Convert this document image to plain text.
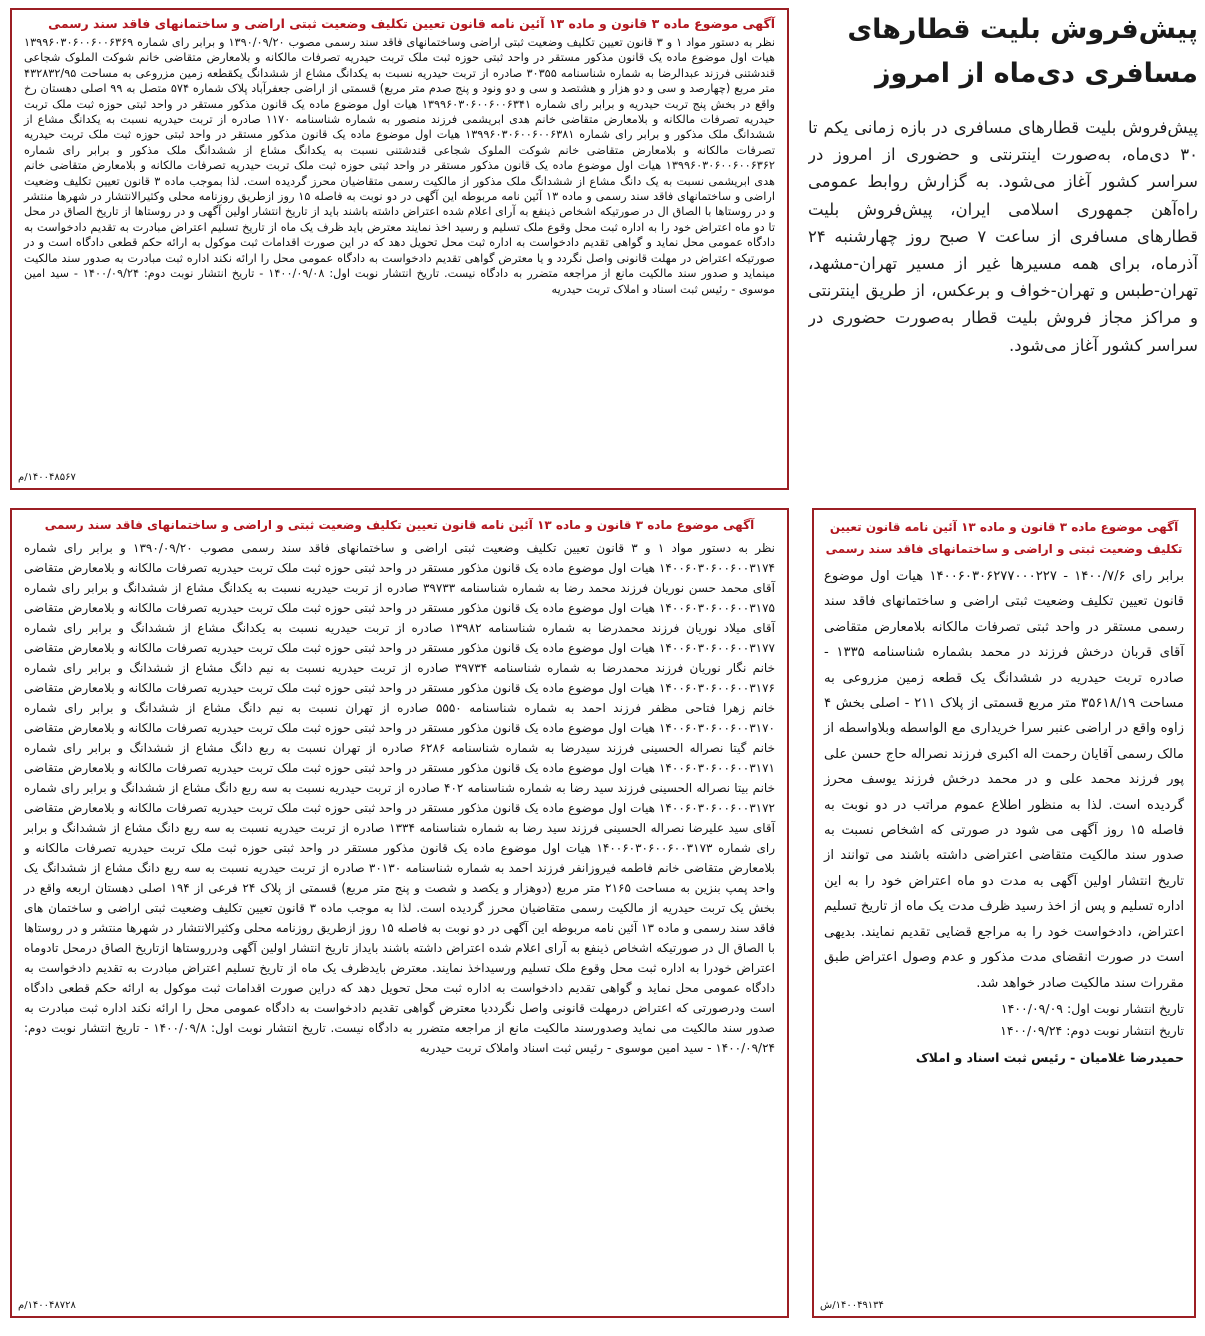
پیش‌فروش بلیت قطارهای
مسافری دی‌ماه از امروز

پیش‌فروش بلیت قطارهای مسافری در بازه زمانی یکم تا ۳۰ دی‌ماه، به‌صورت اینترنتی و حضوری از امروز در سراسر کشور آغاز می‌شود. به گزارش روابط عمومی راه‌آهن جمهوری اسلامی ایران، پیش‌فروش بلیت قطارهای مسافری از ساعت ۷ صبح روز چهارشنبه ۲۴ آذرماه، برای همه مسیرها غیر از مسیر تهران-مشهد، تهران-طبس و تهران-خواف و برعکس، از طریق اینترنتی و مراکز مجاز فروش بلیت قطار به‌صورت حضوری در سراسر کشور آغاز می‌شود.

آگهی موضوع ماده ۳ قانون و ماده ۱۳ آئین نامه قانون تعیین تکلیف وضعیت ثبتی اراضی و ساختمانهای فاقد سند رسمی

نظر به دستور مواد ۱ و ۳ قانون تعیین تکلیف وضعیت ثبتی اراضی وساختمانهای فاقد سند رسمی مصوب ۱۳۹۰/۰۹/۲۰ و برابر رای شماره ۱۳۹۹۶۰۳۰۶۰۰۶۰۰۶۳۶۹ هیات اول موضوع ماده یک قانون مذکور مستقر در واحد ثبتی حوزه ثبت ملک تربت حیدریه تصرفات مالکانه و بلامعارض متقاضی خانم شوکت الملوک شجاعی قندشتنی فرزند عبدالرضا به شماره شناسنامه ۳۰۳۵۵ صادره از تربت حیدریه نسبت به یکدانگ مشاع از ششدانگ یکقطعه زمین مزروعی به مساحت ۴۳۲۸۳۲/۹۵ متر مربع (چهارصد و سی و دو هزار و هشتصد و سی و دو ونود و پنج صدم متر مربع) قسمتی از اراضی جعفرآباد پلاک شماره ۵۷۴ متصل به ۹۹ اصلی دهستان رخ واقع در بخش پنج تربت حیدریه و برابر رای شماره ۱۳۹۹۶۰۳۰۶۰۰۶۰۰۶۳۴۱ هیات اول موضوع ماده یک قانون مذکور مستقر در واحد ثبتی حوزه ثبت ملک تربت حیدریه تصرفات مالکانه و بلامعارض متقاضی خانم هدی ابریشمی فرزند منصور به شماره شناسنامه ۱۱۷۰ صادره از تربت حیدریه نسبت به یکدانگ مشاع از ششدانگ ملک مذکور و برابر رای شماره ۱۳۹۹۶۰۳۰۶۰۰۶۰۰۶۳۸۱ هیات اول موضوع ماده یک قانون مذکور مستقر در واحد ثبتی حوزه ثبت ملک تربت حیدریه تصرفات مالکانه و بلامعارض متقاضی خانم شوکت الملوک شجاعی قندشتنی نسبت به یکدانگ مشاع از ششدانگ ملک مذکور و برابر رای شماره ۱۳۹۹۶۰۳۰۶۰۰۶۰۰۶۳۶۲ هیات اول موضوع ماده یک قانون مذکور مستقر در واحد ثبتی حوزه ثبت ملک تربت حیدریه تصرفات مالکانه و بلامعارض متقاضی خانم هدی ابریشمی نسبت به یک دانگ مشاع از ششدانگ ملک مذکور از مالکیت رسمی متقاضیان محرز گردیده است. لذا بموجب ماده ۳ قانون تعیین تکلیف وضعیت اراضی و ساختمانهای فاقد سند رسمی و ماده ۱۳ آئین نامه مربوطه این آگهی در دو نوبت به فاصله ۱۵ روز ازطریق روزنامه محلی وکثیرالانتشار در شهرها منتشر و در روستاها با الصاق ال در صورتیکه اشخاص ذینفع به آرای اعلام شده اعتراض داشته باشند باید از تاریخ انتشار اولین آگهی و در روستاها از تاریخ الصاق در محل تا دو ماه اعتراض خود را به اداره ثبت محل وقوع ملک تسلیم و رسید اخذ نمایند معترض باید ظرف یک ماه از تاریخ تسلیم اعتراض مبادرت به تقدیم دادخواست به دادگاه عمومی محل نماید و گواهی تقدیم دادخواست به اداره ثبت محل تحویل دهد که در این صورت اقدامات ثبت موکول به ارائه حکم قطعی دادگاه است و در صورتیکه اعتراض در مهلت قانونی واصل نگردد و یا معترض گواهی تقدیم دادخواست به دادگاه عمومی محل را ارائه نکند اداره ثبت مبادرت به صدور سند مالکیت مینماید و صدور سند مالکیت مانع از مراجعه متضرر به دادگاه نیست. تاریخ انتشار نوبت اول: ۱۴۰۰/۰۹/۰۸ - تاریخ انتشار نوبت دوم: ۱۴۰۰/۰۹/۲۴ - سید امین موسوی - رئیس ثبت اسناد و املاک تربت حیدریه

۱۴۰۰۴۸۵۶۷/م
آگهی موضوع ماده ۳ قانون و ماده ۱۳ آئین نامه قانون تعیین تکلیف وضعیت ثبتی و اراضی و ساختمانهای فاقد سند رسمی

نظر به دستور مواد ۱ و ۳ قانون تعیین تکلیف وضعیت ثبتی اراضی و ساختمانهای فاقد سند رسمی مصوب ۱۳۹۰/۰۹/۲۰ و برابر رای شماره ۱۴۰۰۶۰۳۰۶۰۰۶۰۰۳۱۷۴ هیات اول موضوع ماده یک قانون مذکور مستقر در واحد ثبتی حوزه ثبت ملک تربت حیدریه تصرفات مالکانه و بلامعارض متقاضی آقای محمد حسن نوریان فرزند محمد رضا به شماره شناسنامه ۳۹۷۳۳ صادره از تربت حیدریه نسبت به یکدانگ مشاع از ششدانگ و برابر رای شماره ۱۴۰۰۶۰۳۰۶۰۰۶۰۰۳۱۷۵ هیات اول موضوع ماده یک قانون مذکور مستقر در واحد ثبتی حوزه ثبت ملک تربت حیدریه تصرفات مالکانه و بلامعارض متقاضی آقای میلاد نوریان فرزند محمدرضا به شماره شناسنامه ۱۳۹۸۲ صادره از تربت حیدریه نسبت به یکدانگ مشاع از ششدانگ و برابر رای شماره ۱۴۰۰۶۰۳۰۶۰۰۶۰۰۳۱۷۷ هیات اول موضوع ماده یک قانون مذکور مستقر در واحد ثبتی حوزه ثبت ملک تربت حیدریه تصرفات مالکانه و بلامعارض متقاضی خانم نگار نوریان فرزند محمدرضا به شماره شناسنامه ۳۹۷۳۴ صادره از تربت حیدریه نسبت به نیم دانگ مشاع از ششدانگ و برابر رای شماره ۱۴۰۰۶۰۳۰۶۰۰۶۰۰۳۱۷۶ هیات اول موضوع ماده یک قانون مذکور مستقر در واحد ثبتی حوزه ثبت ملک تربت حیدریه تصرفات مالکانه و بلامعارض متقاضی خانم زهرا فتاحی مظفر فرزند احمد به شماره شناسنامه ۵۵۵۰ صادره از تهران نسبت به نیم دانگ مشاع از ششدانگ و برابر رای شماره ۱۴۰۰۶۰۳۰۶۰۰۶۰۰۳۱۷۰ هیات اول موضوع ماده یک قانون مذکور مستقر در واحد ثبتی حوزه ثبت ملک تربت حیدریه تصرفات مالکانه و بلامعارض متقاضی خانم گیتا نصراله الحسینی فرزند سیدرضا به شماره شناسنامه ۶۲۸۶ صادره از تهران نسبت به ربع دانگ مشاع از ششدانگ و برابر رای شماره ۱۴۰۰۶۰۳۰۶۰۰۶۰۰۳۱۷۱ هیات اول موضوع ماده یک قانون مذکور مستقر در واحد ثبتی حوزه ثبت ملک تربت حیدریه تصرفات مالکانه و بلامعارض متقاضی خانم بیتا نصراله الحسینی فرزند سید رضا به شماره شناسنامه ۴۰۲ صادره از تربت حیدریه نسبت به سه ربع دانگ مشاع از ششدانگ و برابر رای شماره ۱۴۰۰۶۰۳۰۶۰۰۶۰۰۳۱۷۲ هیات اول موضوع ماده یک قانون مذکور مستقر در واحد ثبتی حوزه ثبت ملک تربت حیدریه تصرفات مالکانه و بلامعارض متقاضی آقای سید علیرضا نصراله الحسینی فرزند سید رضا به شماره شناسنامه ۱۳۳۴ صادره از تربت حیدریه نسبت به سه ربع دانگ مشاع از ششدانگ و برابر رای شماره ۱۴۰۰۶۰۳۰۶۰۰۶۰۰۳۱۷۳ هیات اول موضوع ماده یک قانون مذکور مستقر در واحد ثبتی حوزه ثبت ملک تربت حیدریه تصرفات مالکانه و بلامعارض متقاضی خانم فاطمه فیروزانفر فرزند احمد به شماره شناسنامه ۳۰۱۳۰ صادره از تربت حیدریه نسبت به سه ربع دانگ مشاع از ششدانگ یک واحد پمپ بنزین به مساحت ۲۱۶۵ متر مربع (دوهزار و یکصد و شصت و پنج متر مربع) قسمتی از پلاک ۲۴ فرعی از ۱۹۴ اصلی دهستان اربعه واقع در بخش یک تربت حیدریه از مالکیت رسمی متقاضیان محرز گردیده است. لذا به موجب ماده ۳ قانون تعیین تکلیف وضعیت ثبتی اراضی و ساختمان های فاقد سند رسمی و ماده ۱۳ آئین نامه مربوطه این آگهی در دو نوبت به فاصله ۱۵ روز ازطریق روزنامه محلی وکثیرالانتشار در شهرها منتشر و در روستاها با الصاق ال در صورتیکه اشخاص ذینفع به آرای اعلام شده اعتراض داشته باشند بایداز تاریخ انتشار اولین آگهی ودرروستاها ازتاریخ الصاق درمحل تادوماه اعتراض خودرا به اداره ثبت محل وقوع ملک تسلیم ورسیداخذ نمایند. معترض بایدظرف یک ماه از تاریخ تسلیم اعتراض مبادرت به تقدیم دادخواست به دادگاه عمومی محل نماید و گواهی تقدیم دادخواست به اداره ثبت محل تحویل دهد که دراین صورت اقدامات ثبت موکول به ارائه حکم قطعی دادگاه است ودرصورتی که اعتراض درمهلت قانونی واصل نگرددیا معترض گواهی تقدیم دادخواست به دادگاه عمومی محل را ارائه نکند اداره ثبت مبادرت به صدور سند مالکیت می نماید وصدورسند مالکیت مانع از مراجعه متضرر به دادگاه نیست. تاریخ انتشار نوبت اول: ۱۴۰۰/۰۹/۸ - تاریخ انتشار نوبت دوم: ۱۴۰۰/۰۹/۲۴ - سید امین موسوی - رئیس ثبت اسناد واملاک تربت حیدریه

۱۴۰۰۴۸۷۲۸/م
آگهی موضوع ماده ۳ قانون و ماده ۱۳ آئین نامه قانون تعیین تکلیف وضعیت ثبتی و اراضی و ساختمانهای فاقد سند رسمی

برابر رای ۱۴۰۰/۷/۶ - ۱۴۰۰۶۰۳۰۶۲۷۷۰۰۰۲۲۷ هیات اول موضوع قانون تعیین تکلیف وضعیت ثبتی اراضی و ساختمانهای فاقد سند رسمی مستقر در واحد ثبتی تصرفات مالکانه بلامعارض متقاضی آقای قربان درخش فرزند در محمد بشماره شناسنامه ۱۳۳۵ - صادره تربت حیدریه در ششدانگ یک قطعه زمین مزروعی به مساحت ۳۵۶۱۸/۱۹ متر مربع قسمتی از پلاک ۲۱۱ - اصلی بخش ۴ زاوه واقع در اراضی عنبر سرا خریداری مع الواسطه وبلاواسطه از مالک رسمی آقایان رحمت اله اکبری فرزند نصراله حاج حسن علی پور فرزند محمد علی و در محمد درخش فرزند یوسف محرز گردیده است. لذا به منظور اطلاع عموم مراتب در دو نوبت به فاصله ۱۵ روز آگهی می شود در صورتی که اشخاص نسبت به صدور سند مالکیت متقاضی اعتراضی داشته باشند می توانند از تاریخ انتشار اولین آگهی به مدت دو ماه اعتراض خود را به این اداره تسلیم و پس از اخذ رسید ظرف مدت یک ماه از تاریخ تسلیم اعتراض، دادخواست خود را به مراجع قضایی تقدیم نمایند. بدیهی است در صورت انقضای مدت مذکور و عدم وصول اعتراض طبق مقررات سند مالکیت صادر خواهد شد.

تاریخ انتشار نوبت اول: ۱۴۰۰/۰۹/۰۹
تاریخ انتشار نوبت دوم: ۱۴۰۰/۰۹/۲۴
حمیدرضا غلامیان - رئیس ثبت اسناد و املاک
۱۴۰۰۴۹۱۳۴/ش
